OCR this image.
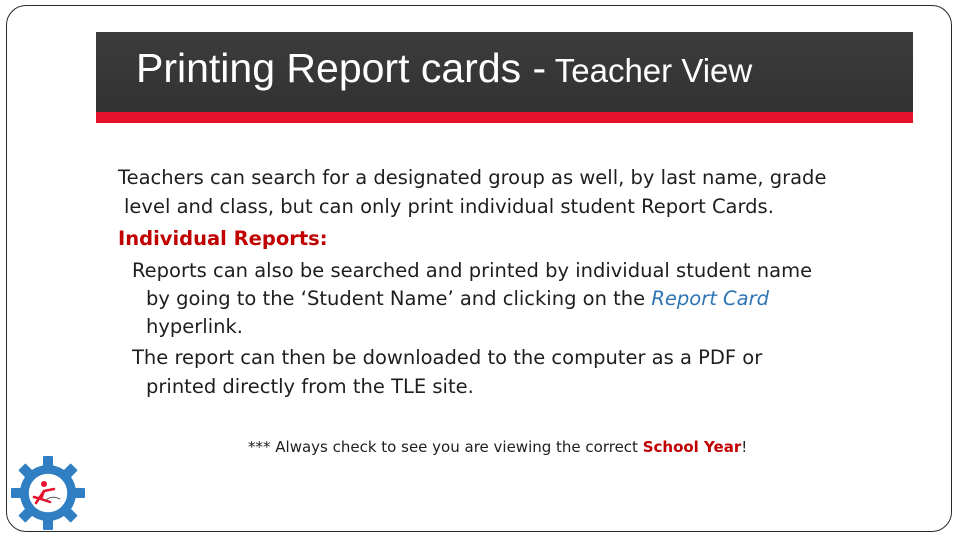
Printing Report cards - Teacher View
Teachers can search for a designated group as well, by last name, grade
level and class, but can only print individual student Report Cards.
Individual Reports:
Reports can also be searched and printed by individual student name
by going to the ‘Student Name’ and clicking on the Report Card
hyperlink.
The report can then be downloaded to the computer as a PDF or
printed directly from the TLE site.
*** Always check to see you are viewing the correct School Year!
